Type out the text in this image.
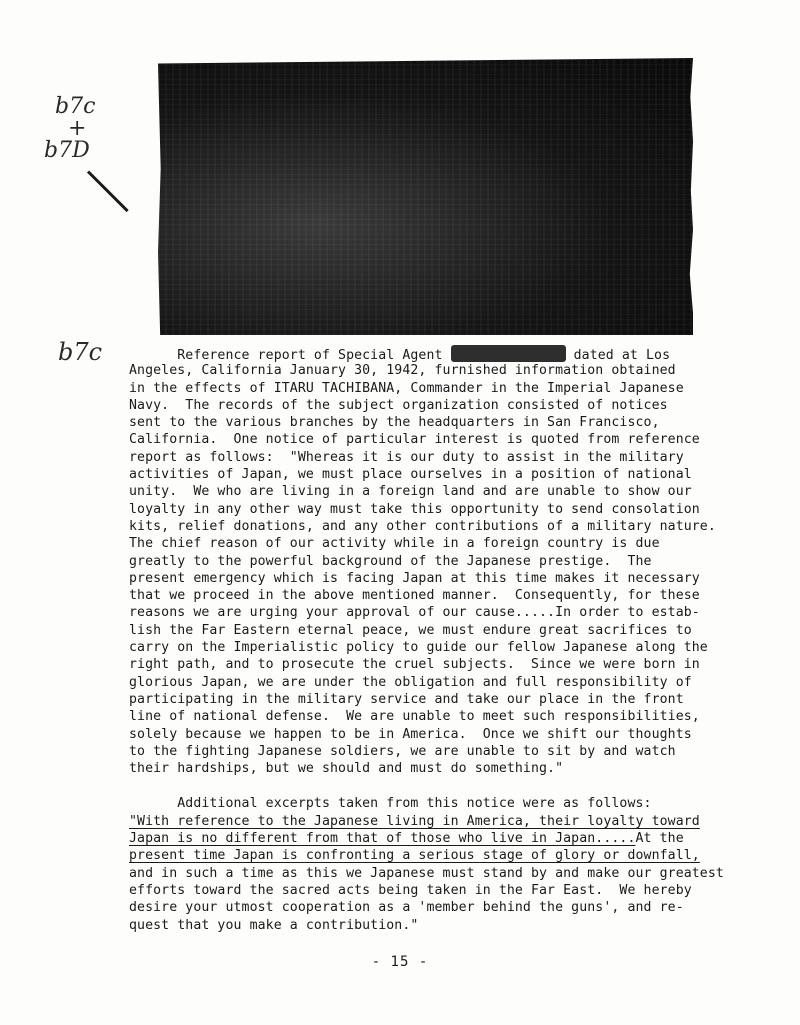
b7c
+
b7D
b7c Reference report of Special Agent	dated at Los
Angeles, California January 30, 1942, furnished information obtained
in the effects of ITARU TACHIBANA, Commander in the Imperial Japanese
Navy.  The records of the subject organization consisted of notices
sent to the various branches by the headquarters in San Francisco,
California.  One notice of particular interest is quoted from reference
report as follows:  "Whereas it is our duty to assist in the military
activities of Japan, we must place ourselves in a position of national
unity.  We who are living in a foreign land and are unable to show our
loyalty in any other way must take this opportunity to send consolation
kits, relief donations, and any other contributions of a military nature.
The chief reason of our activity while in a foreign country is due
greatly to the powerful background of the Japanese prestige.  The
present emergency which is facing Japan at this time makes it necessary
that we proceed in the above mentioned manner.  Consequently, for these
reasons we are urging your approval of our cause.....In order to estab-
lish the Far Eastern eternal peace, we must endure great sacrifices to
carry on the Imperialistic policy to guide our fellow Japanese along the
right path, and to prosecute the cruel subjects.  Since we were born in
glorious Japan, we are under the obligation and full responsibility of
participating in the military service and take our place in the front
line of national defense.  We are unable to meet such responsibilities,
solely because we happen to be in America.  Once we shift our thoughts
to the fighting Japanese soldiers, we are unable to sit by and watch
their hardships, but we should and must do something."
Additional excerpts taken from this notice were as follows:
"With reference to the Japanese living in America, their loyalty toward
Japan is no different from that of those who live in Japan.....At the
present time Japan is confronting a serious stage of glory or downfall,
and in such a time as this we Japanese must stand by and make our greatest
efforts toward the sacred acts being taken in the Far East.  We hereby
desire your utmost cooperation as a 'member behind the guns', and re-
quest that you make a contribution."
- 15 -
